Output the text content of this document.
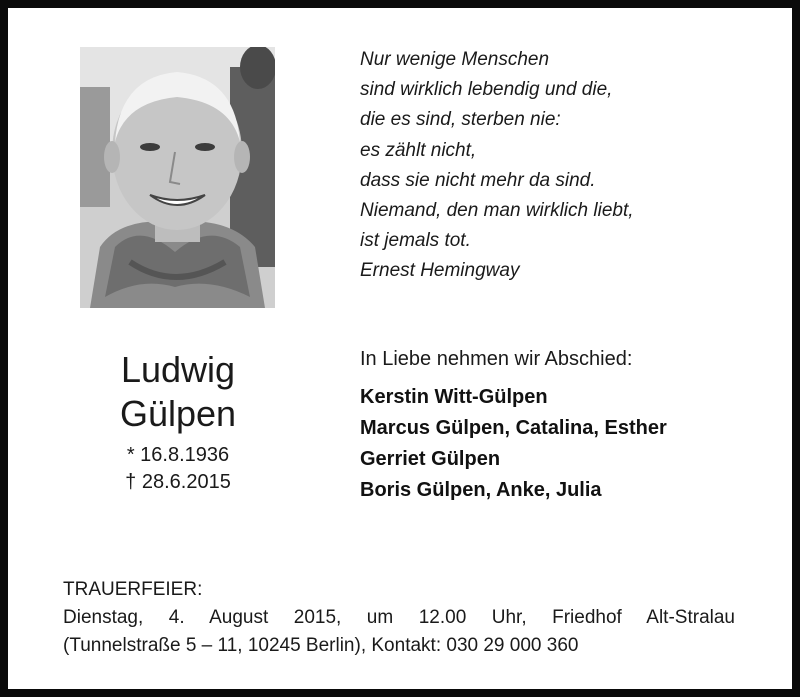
Nur wenige Menschen
sind wirklich lebendig und die,
die es sind, sterben nie:
es zählt nicht,
dass sie nicht mehr da sind.
Niemand, den man wirklich liebt,
ist jemals tot.
Ernest Hemingway
Ludwig
Gülpen
* 16.8.1936
† 28.6.2015
In Liebe nehmen wir Abschied:
Kerstin Witt-Gülpen
Marcus Gülpen, Catalina, Esther
Gerriet Gülpen
Boris Gülpen, Anke, Julia
TRAUERFEIER:
Dienstag, 4. August 2015, um 12.00 Uhr, Friedhof Alt-Stralau
(Tunnelstraße 5 – 11, 10245 Berlin), Kontakt: 030 29 000 360
